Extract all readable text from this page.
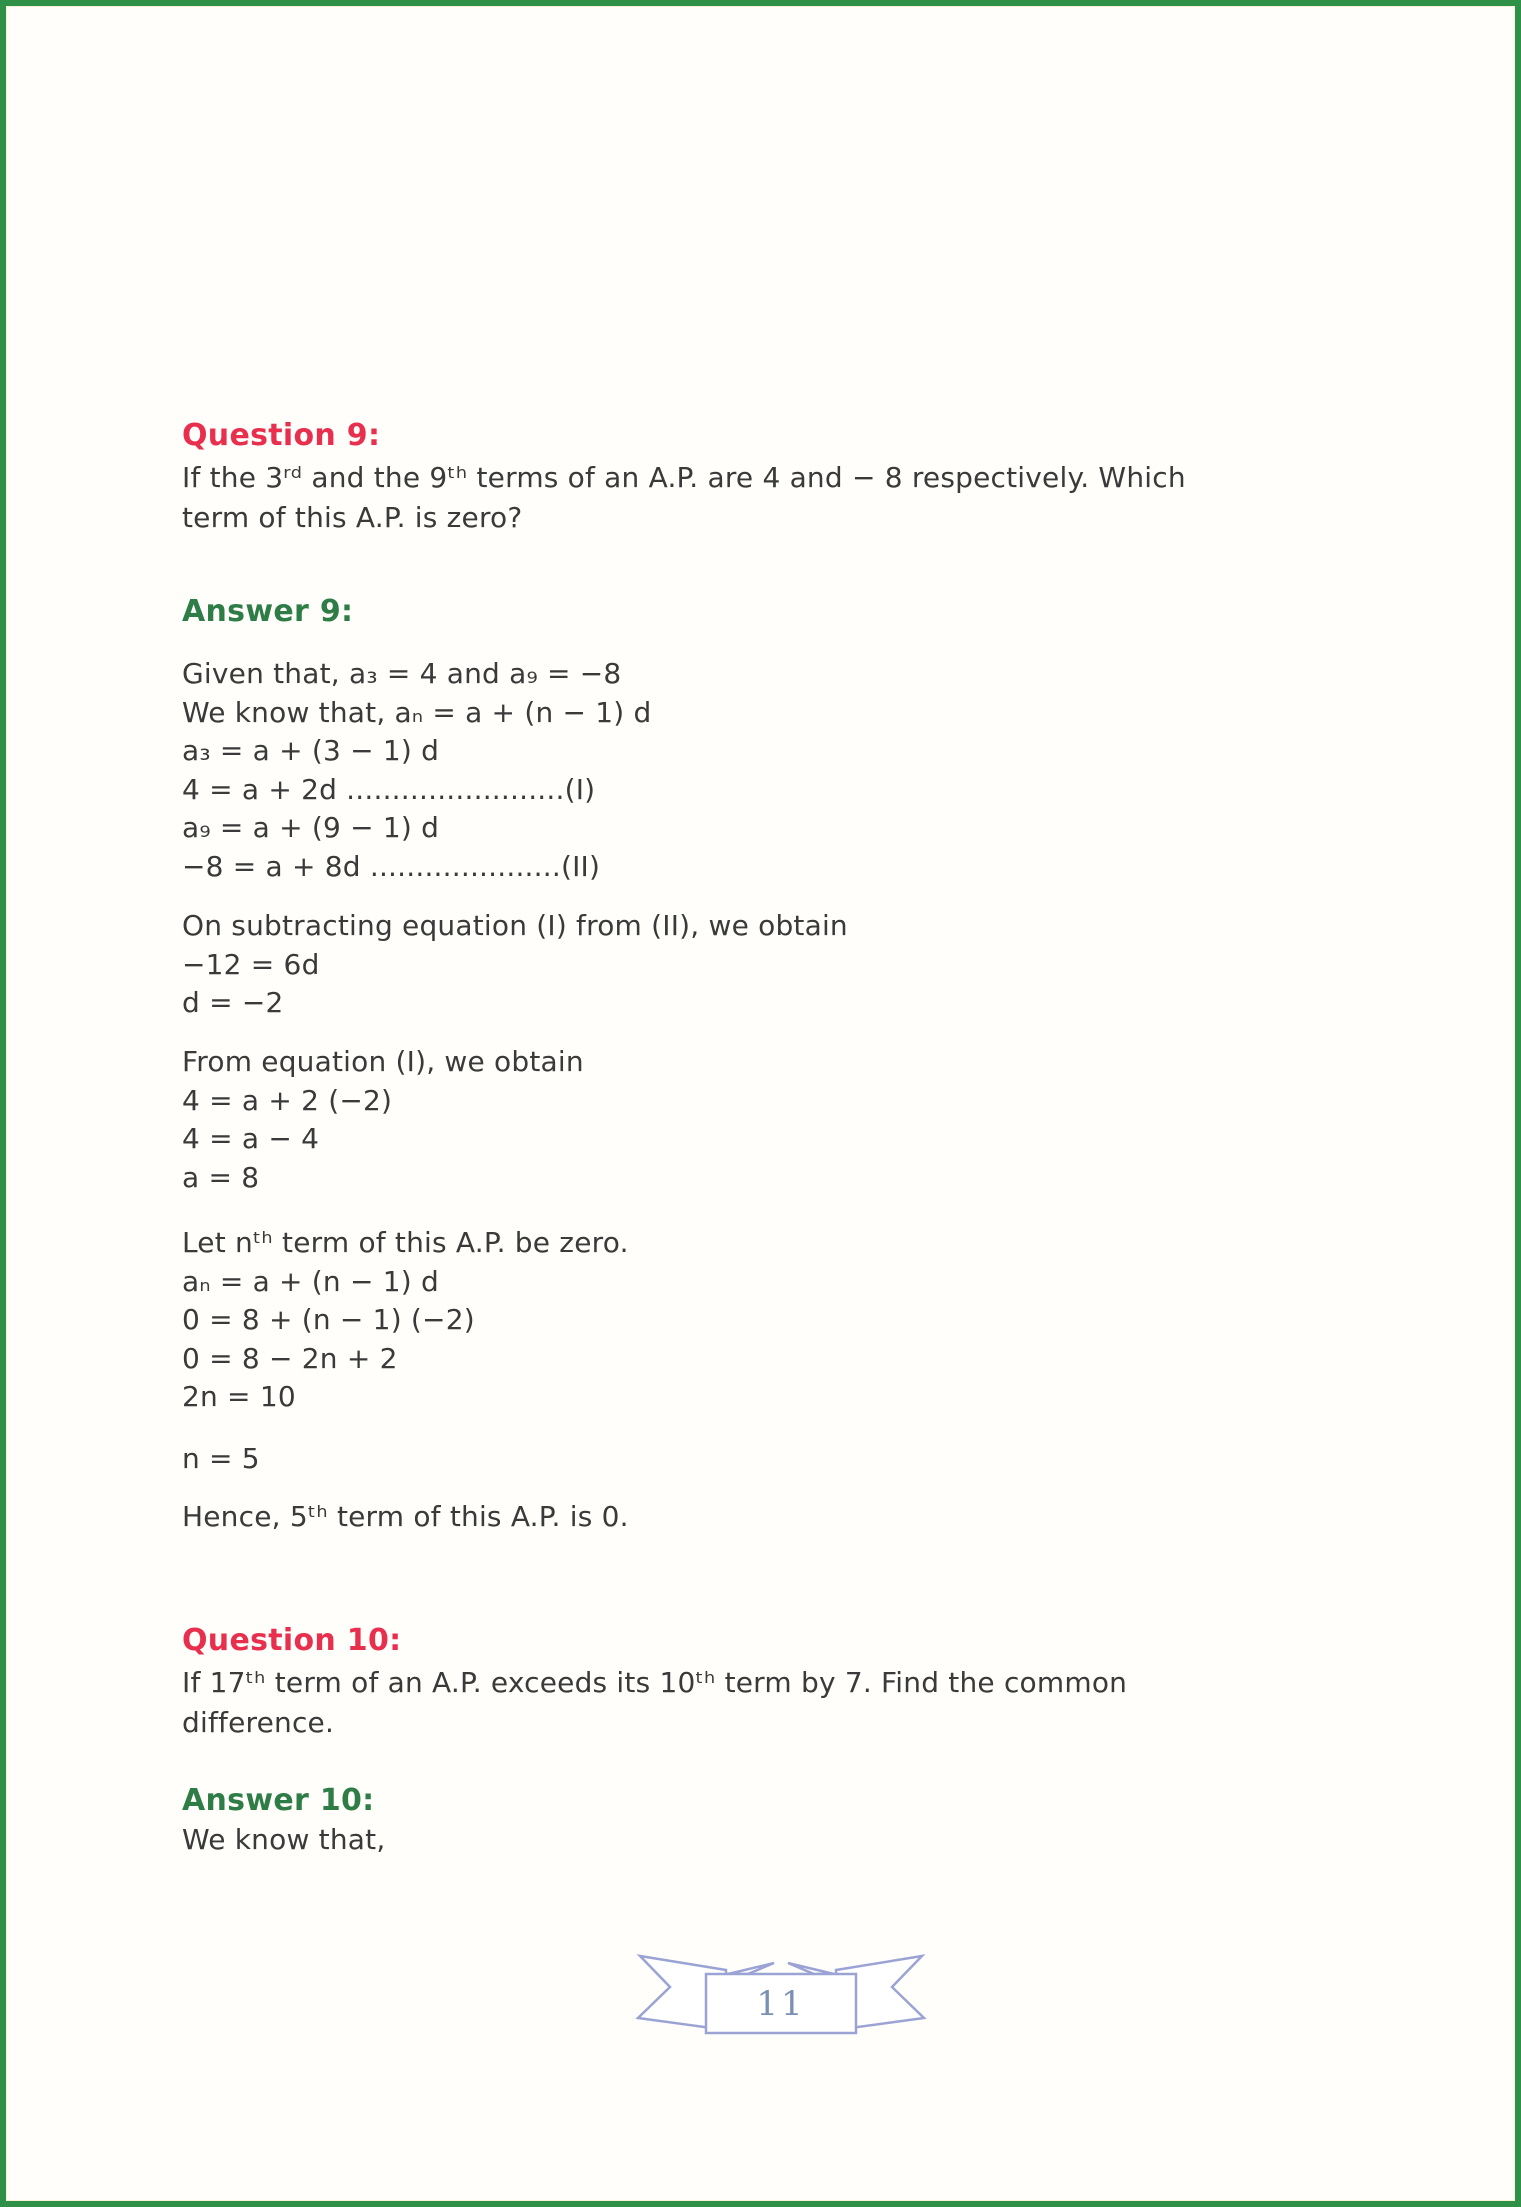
Question 9:

If the 3ʳᵈ and the 9ᵗʰ terms of an A.P. are 4 and − 8 respectively. Which

term of this A.P. is zero?

Answer 9:

Given that, a₃ = 4 and a₉ = −8

We know that, aₙ = a + (n − 1) d

a₃ = a + (3 − 1) d

4 = a + 2d ........................(I)

a₉ = a + (9 − 1) d

−8 = a + 8d .....................(II)

On subtracting equation (I) from (II), we obtain

−12 = 6d

d = −2

From equation (I), we obtain

4 = a + 2 (−2)

4 = a − 4

a = 8

Let nᵗʰ term of this A.P. be zero.

aₙ = a + (n − 1) d

0 = 8 + (n − 1) (−2)

0 = 8 − 2n + 2

2n = 10

n = 5

Hence, 5ᵗʰ term of this A.P. is 0.

Question 10:

If 17ᵗʰ term of an A.P. exceeds its 10ᵗʰ term by 7. Find the common

difference.

Answer 10:

We know that,

11
